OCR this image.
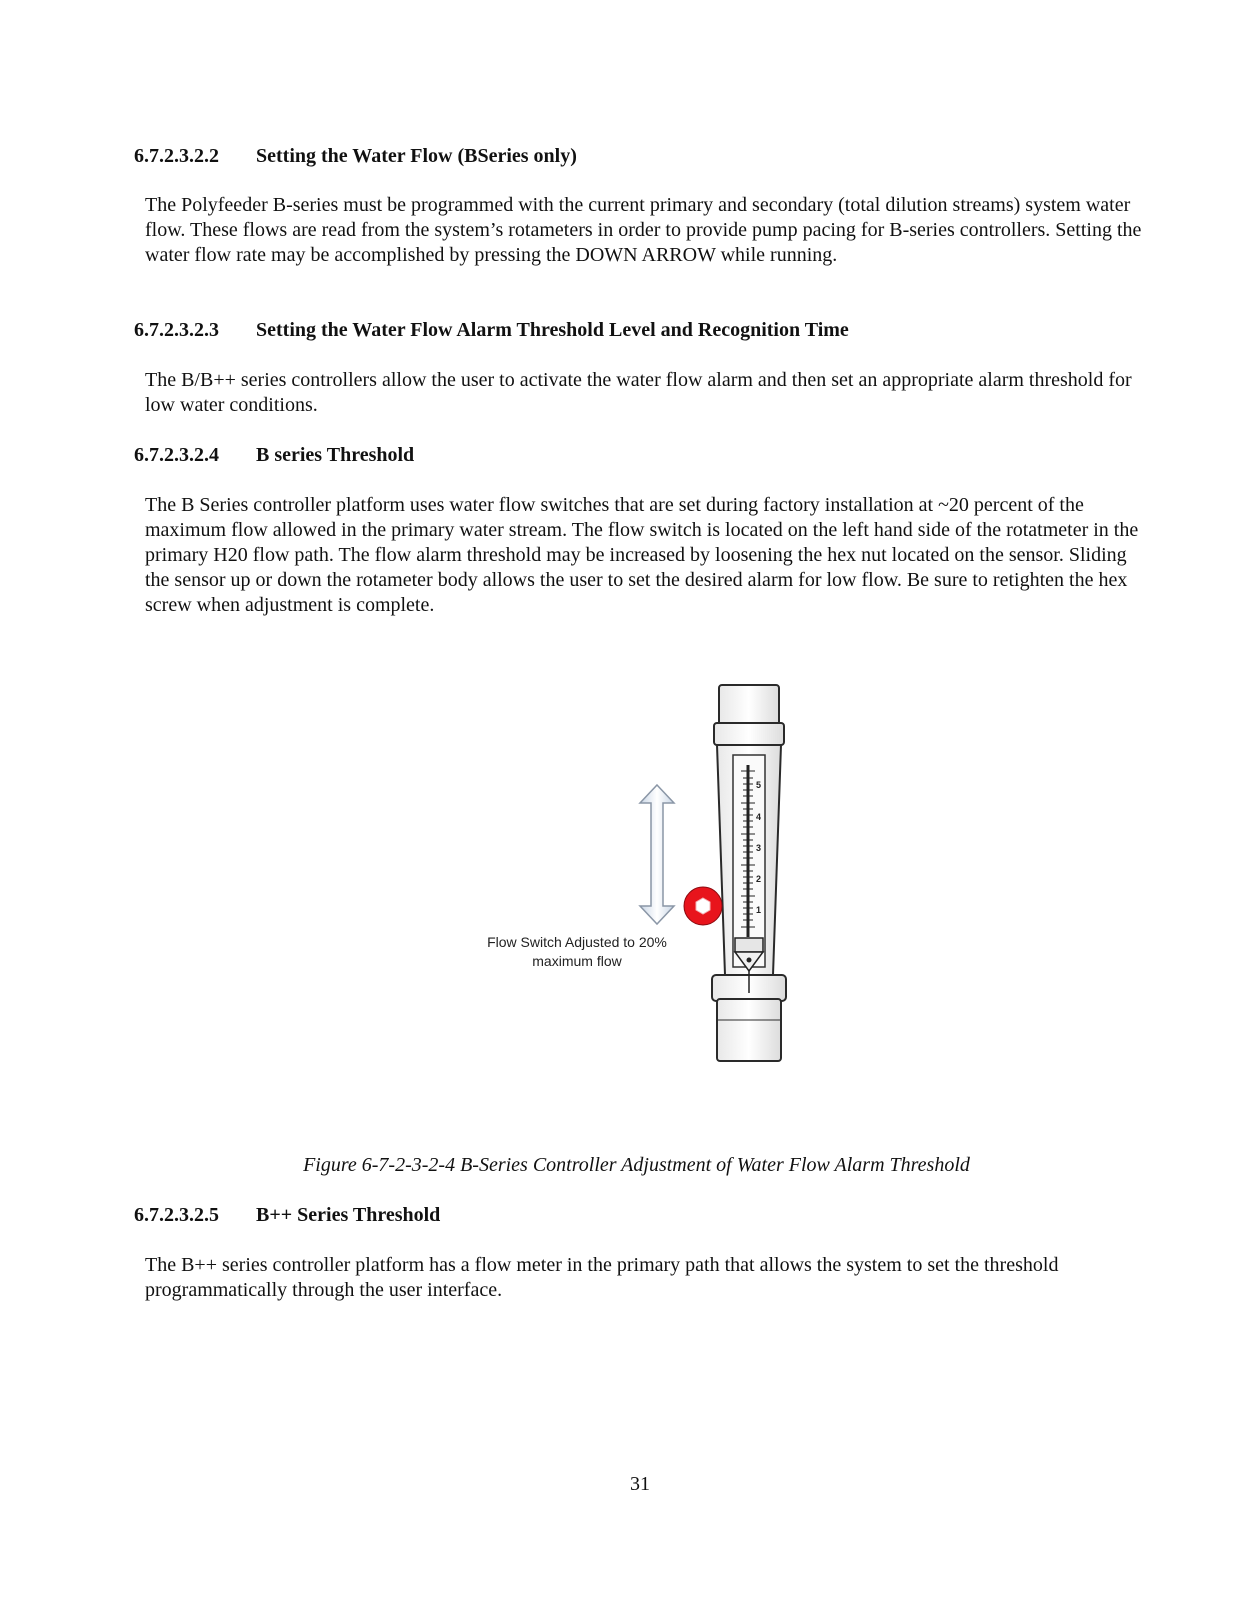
6.7.2.3.2.2 Setting the Water Flow (BSeries only)

The Polyfeeder B-series must be programmed with the current primary and secondary (total dilution streams) system water flow. These flows are read from the system’s rotameters in order to provide pump pacing for B-series controllers. Setting the water flow rate may be accomplished by pressing the DOWN ARROW while running.

6.7.2.3.2.3 Setting the Water Flow Alarm Threshold Level and Recognition Time

The B/B++ series controllers allow the user to activate the water flow alarm and then set an appropriate alarm threshold for low water conditions.

6.7.2.3.2.4 B series Threshold

The B Series controller platform uses water flow switches that are set during factory installation at ~20 percent of the maximum flow allowed in the primary water stream. The flow switch is located on the left hand side of the rotatmeter in the primary H20 flow path. The flow alarm threshold may be increased by loosening the hex nut located on the sensor. Sliding the sensor up or down the rotameter body allows the user to set the desired alarm for low flow. Be sure to retighten the hex screw when adjustment is complete.

1
2
3
4
5
Flow Switch Adjusted to 20%
maximum flow
Figure 6-7-2-3-2-4 B-Series Controller Adjustment of Water Flow Alarm Threshold
6.7.2.3.2.5 B++ Series Threshold

The B++ series controller platform has a flow meter in the primary path that allows the system to set the threshold programmatically through the user interface.

31
